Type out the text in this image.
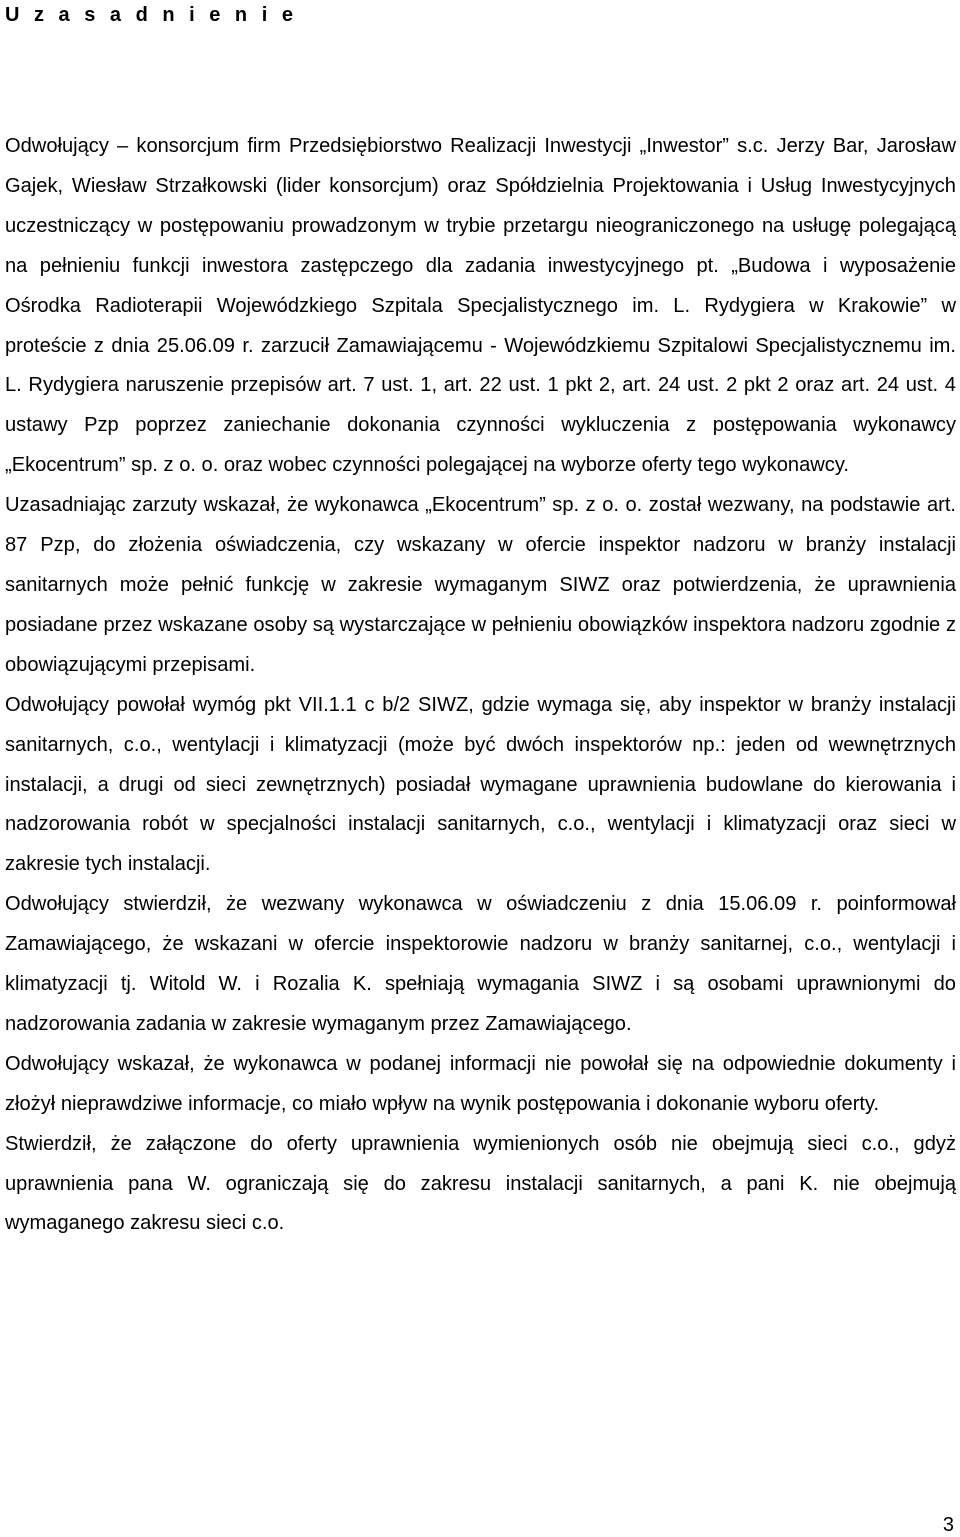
U z a s a d n i e n i e

Odwołujący – konsorcjum firm Przedsiębiorstwo Realizacji Inwestycji „Inwestor” s.c. Jerzy Bar, Jarosław Gajek, Wiesław Strzałkowski (lider konsorcjum) oraz Spółdzielnia Projektowania i Usług Inwestycyjnych uczestniczący w postępowaniu prowadzonym w trybie przetargu nieograniczonego na usługę polegającą na pełnieniu funkcji inwestora zastępczego dla zadania inwestycyjnego pt. „Budowa i wyposażenie Ośrodka Radioterapii Wojewódzkiego Szpitala Specjalistycznego im. L. Rydygiera w Krakowie” w proteście z dnia 25.06.09 r. zarzucił Zamawiającemu - Wojewódzkiemu Szpitalowi Specjalistycznemu im. L. Rydygiera naruszenie przepisów art. 7 ust. 1, art. 22 ust. 1 pkt 2, art. 24 ust. 2 pkt 2 oraz art. 24 ust. 4 ustawy Pzp poprzez zaniechanie dokonania czynności wykluczenia z postępowania wykonawcy „Ekocentrum” sp. z o. o. oraz wobec czynności polegającej na wyborze oferty tego wykonawcy.

Uzasadniając zarzuty wskazał, że wykonawca „Ekocentrum” sp. z o. o. został wezwany, na podstawie art. 87 Pzp, do złożenia oświadczenia, czy wskazany w ofercie inspektor nadzoru w branży instalacji sanitarnych może pełnić funkcję w zakresie wymaganym SIWZ oraz potwierdzenia, że uprawnienia posiadane przez wskazane osoby są wystarczające w pełnieniu obowiązków inspektora nadzoru zgodnie z obowiązującymi przepisami.

Odwołujący powołał wymóg pkt VII.1.1 c b/2 SIWZ, gdzie wymaga się, aby inspektor w branży instalacji sanitarnych, c.o., wentylacji i klimatyzacji (może być dwóch inspektorów np.: jeden od wewnętrznych instalacji, a drugi od sieci zewnętrznych) posiadał wymagane uprawnienia budowlane do kierowania i nadzorowania robót w specjalności instalacji sanitarnych, c.o., wentylacji i klimatyzacji oraz sieci w zakresie tych instalacji.

Odwołujący stwierdził, że wezwany wykonawca w oświadczeniu z dnia 15.06.09 r. poinformował Zamawiającego, że wskazani w ofercie inspektorowie nadzoru w branży sanitarnej, c.o., wentylacji i klimatyzacji tj. Witold W. i Rozalia K. spełniają wymagania SIWZ i są osobami uprawnionymi do nadzorowania zadania w zakresie wymaganym przez Zamawiającego.

Odwołujący wskazał, że wykonawca w podanej informacji nie powołał się na odpowiednie dokumenty i złożył nieprawdziwe informacje, co miało wpływ na wynik postępowania i dokonanie wyboru oferty.

Stwierdził, że załączone do oferty uprawnienia wymienionych osób nie obejmują sieci c.o., gdyż uprawnienia pana W. ograniczają się do zakresu instalacji sanitarnych, a pani K. nie obejmują wymaganego zakresu sieci c.o.

3
